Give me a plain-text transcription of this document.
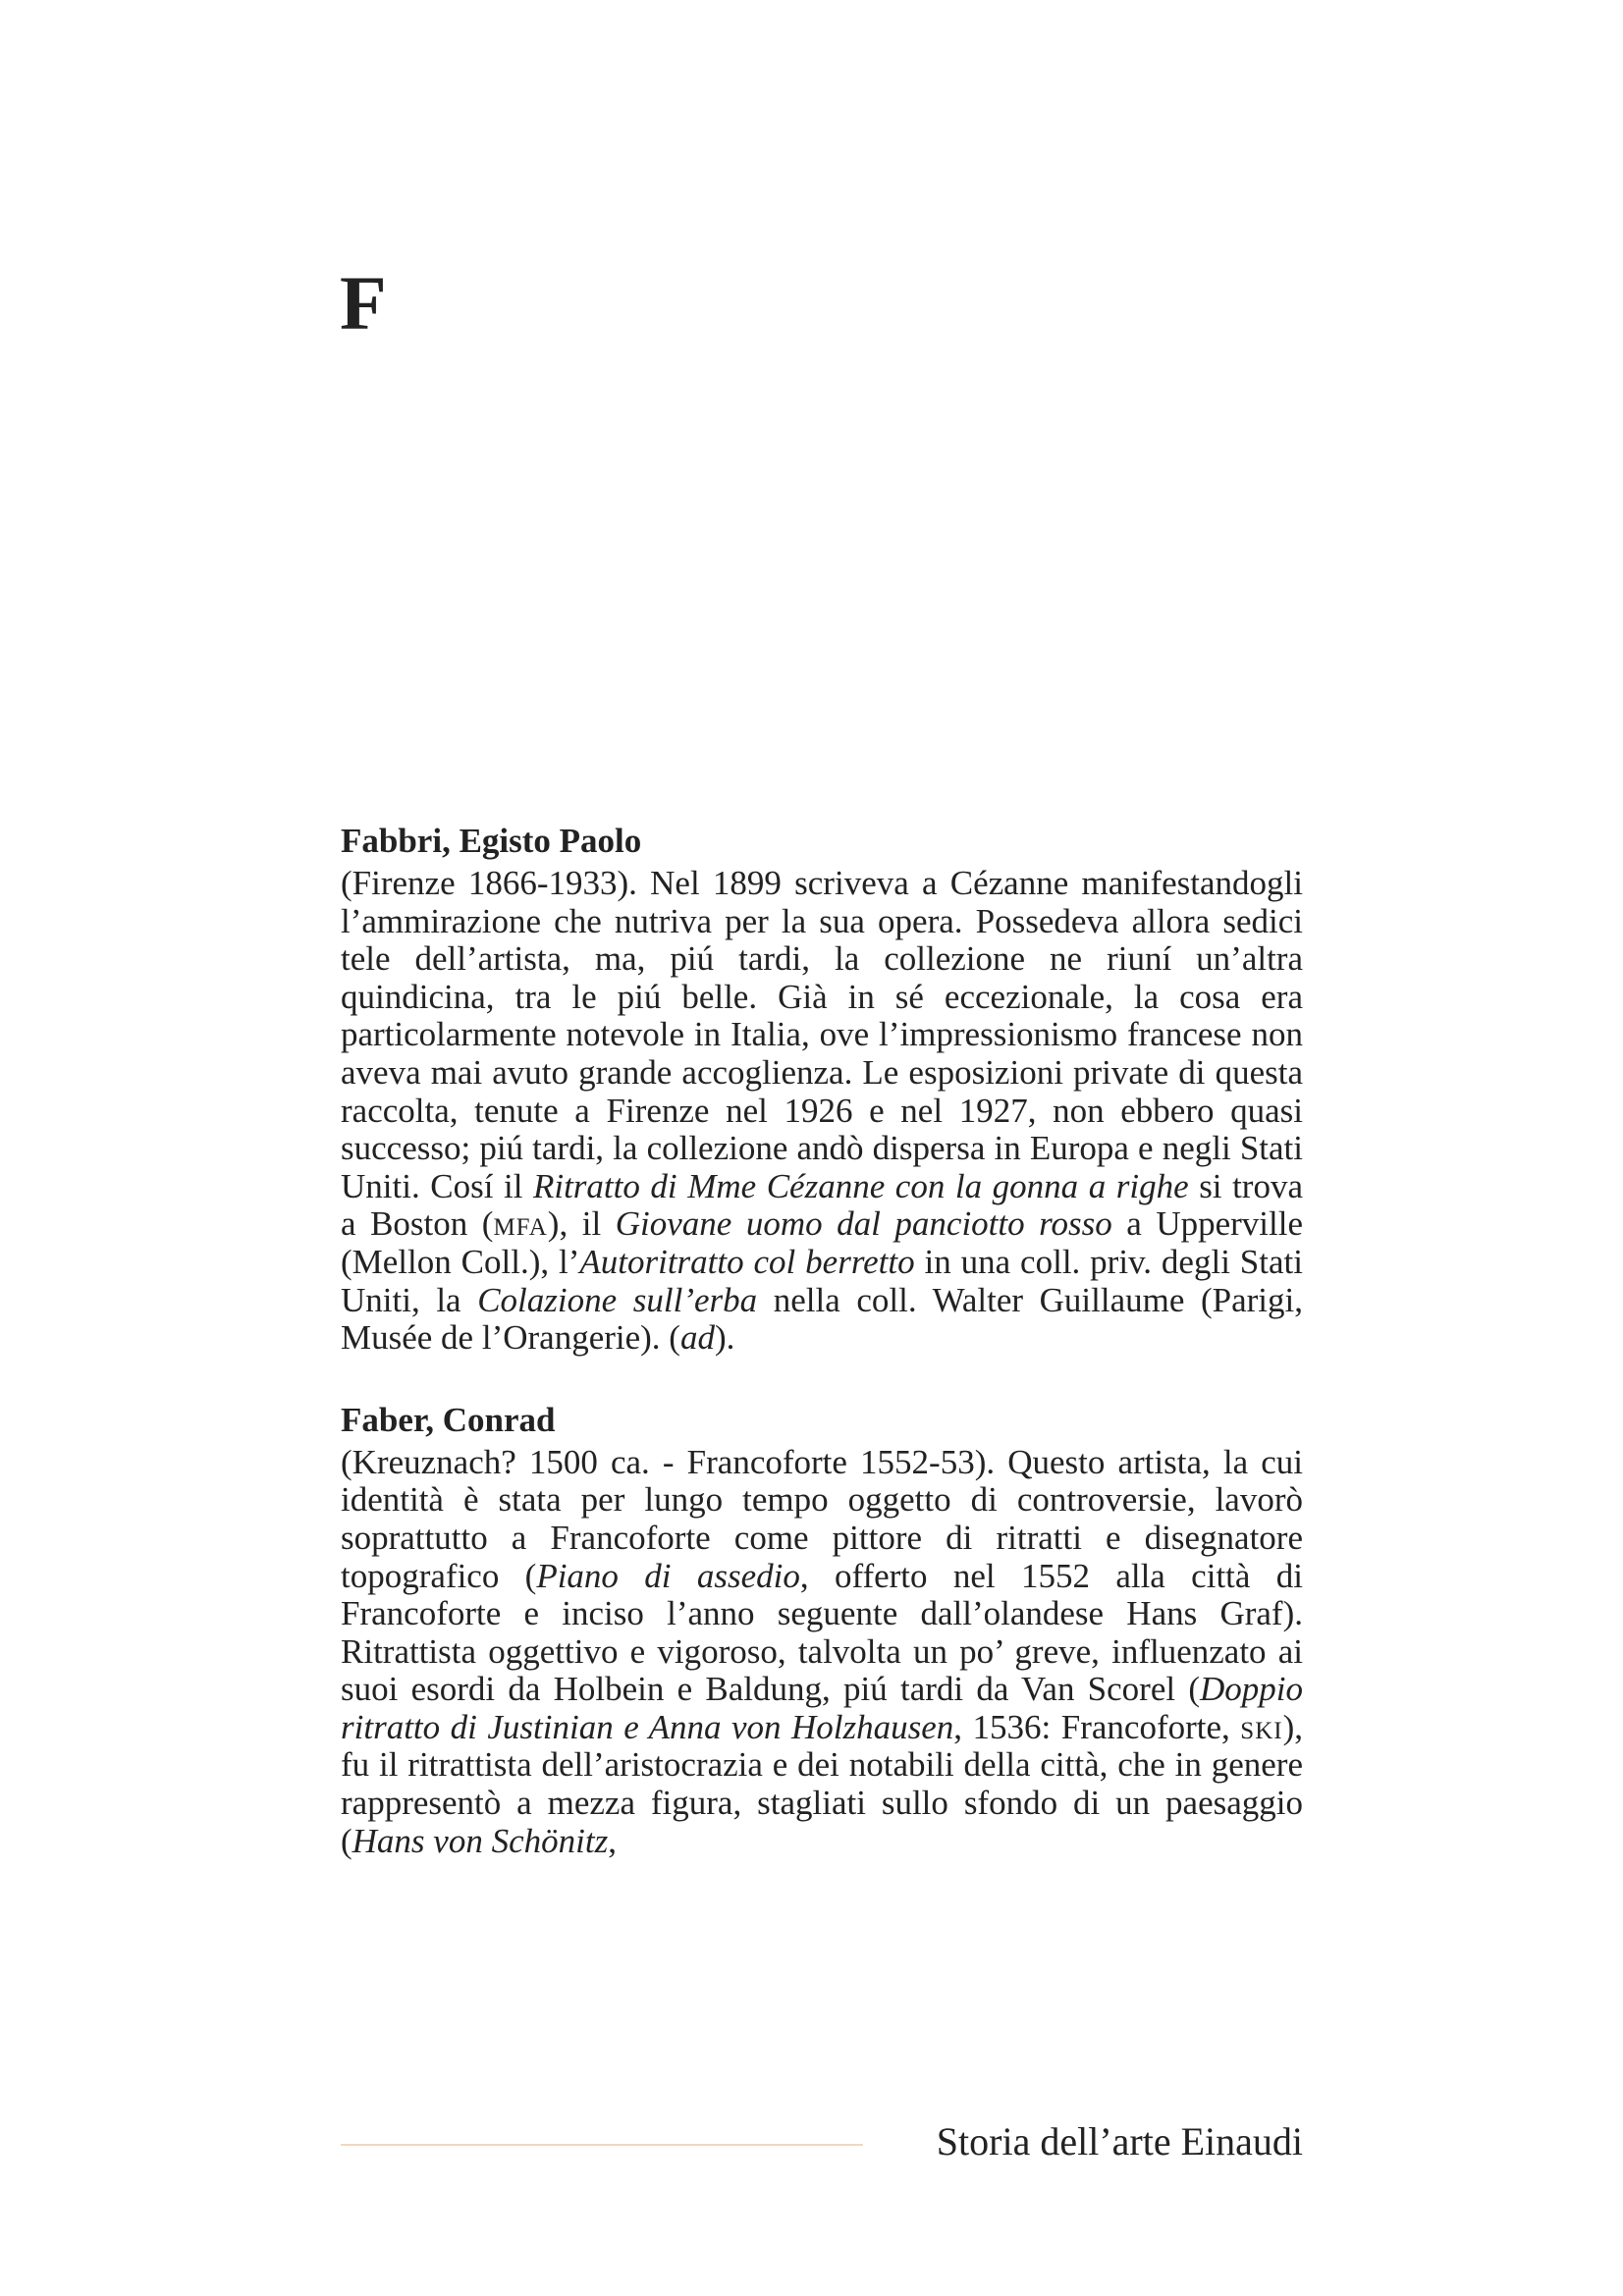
F
Fabbri, Egisto Paolo

(Firenze 1866-1933). Nel 1899 scriveva a Cézanne manifestandogli l’ammirazione che nutriva per la sua opera. Possedeva allora sedici tele dell’artista, ma, piú tardi, la collezione ne riuní un’altra quindicina, tra le piú belle. Già in sé eccezionale, la cosa era particolarmente notevole in Italia, ove l’impressionismo francese non aveva mai avuto grande accoglienza. Le esposizioni private di questa raccolta, tenute a Firenze nel 1926 e nel 1927, non ebbero quasi successo; piú tardi, la collezione andò dispersa in Europa e negli Stati Uniti. Cosí il Ritratto di Mme Cézanne con la gonna a righe si trova a Boston (mfa), il Giovane uomo dal panciotto rosso a Upperville (Mellon Coll.), l’Autoritratto col berretto in una coll. priv. degli Stati Uniti, la Colazione sull’erba nella coll. Walter Guillaume (Parigi, Musée de l’Orangerie). (ad).

Faber, Conrad

(Kreuznach? 1500 ca. - Francoforte 1552-53). Questo artista, la cui identità è stata per lungo tempo oggetto di controversie, lavorò soprattutto a Francoforte come pittore di ritratti e disegnatore topografico (Piano di assedio, offerto nel 1552 alla città di Francoforte e inciso l’anno seguente dall’olandese Hans Graf). Ritrattista oggettivo e vigoroso, talvolta un po’ greve, influenzato ai suoi esordi da Holbein e Baldung, piú tardi da Van Scorel (Doppio ritratto di Justinian e Anna von Holzhausen, 1536: Francoforte, ski), fu il ritrattista dell’aristocrazia e dei notabili della città, che in genere rappresentò a mezza figura, stagliati sullo sfondo di un paesaggio (Hans von Schönitz,

Storia dell’arte Einaudi
